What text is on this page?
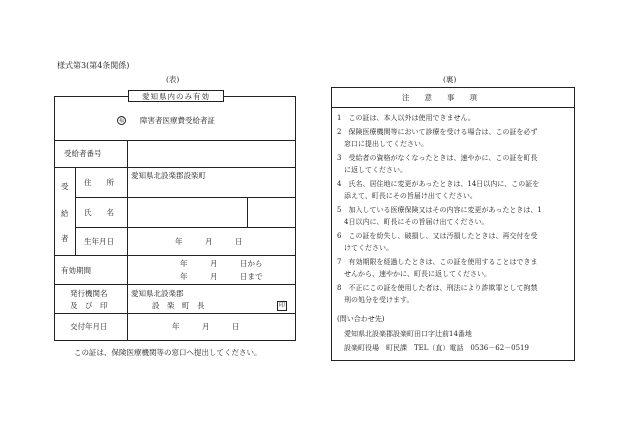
様式第3(第4条関係)
(表)
愛知県内のみ有効
福 障害者医療費受給者証
受給者番号
受
給
者
住　　所
愛知県北設楽郡設楽町
氏　　名
生年月日	年　　　月　　　日
有効期間
年　　　月　　　日から
年　　　月　　　日まで
発行機関名
及　び　印
愛知県北設楽郡
設　楽　町　長	印
交付年月日	年　　　月　　　日
この証は、保険医療機関等の窓口へ提出してください。
(裏)
注　　意　　事　　項
1　この証は、本人以外は使用できません。
2　保険医療機関等において診療を受ける場合は、この証を必ず
　窓口に提出してください。
3　受給者の資格がなくなったときは、速やかに、この証を町長
　に返してください。
4　氏名、居住地に変更があったときは、14日以内に、この証を
　添えて、町長にその旨届け出てください。
5　加入している医療保険又はその内容に変更があったときは、1
　4日以内に、町長にその旨届け出てください。
6　この証を紛失し、破損し、又は汚損したときは、再交付を受
　けてください。
7　有効期限を経過したときは、この証を使用することはできま
　せんから、速やかに、町長に返してください。
8　不正にこの証を使用した者は、刑法により詐欺罪として拘禁
　刑の処分を受けます。
(問い合わせ先)
愛知県北設楽郡設楽町田口字辻前14番地
設楽町役場　町民課　TEL（直）電話　0536－62－0519
